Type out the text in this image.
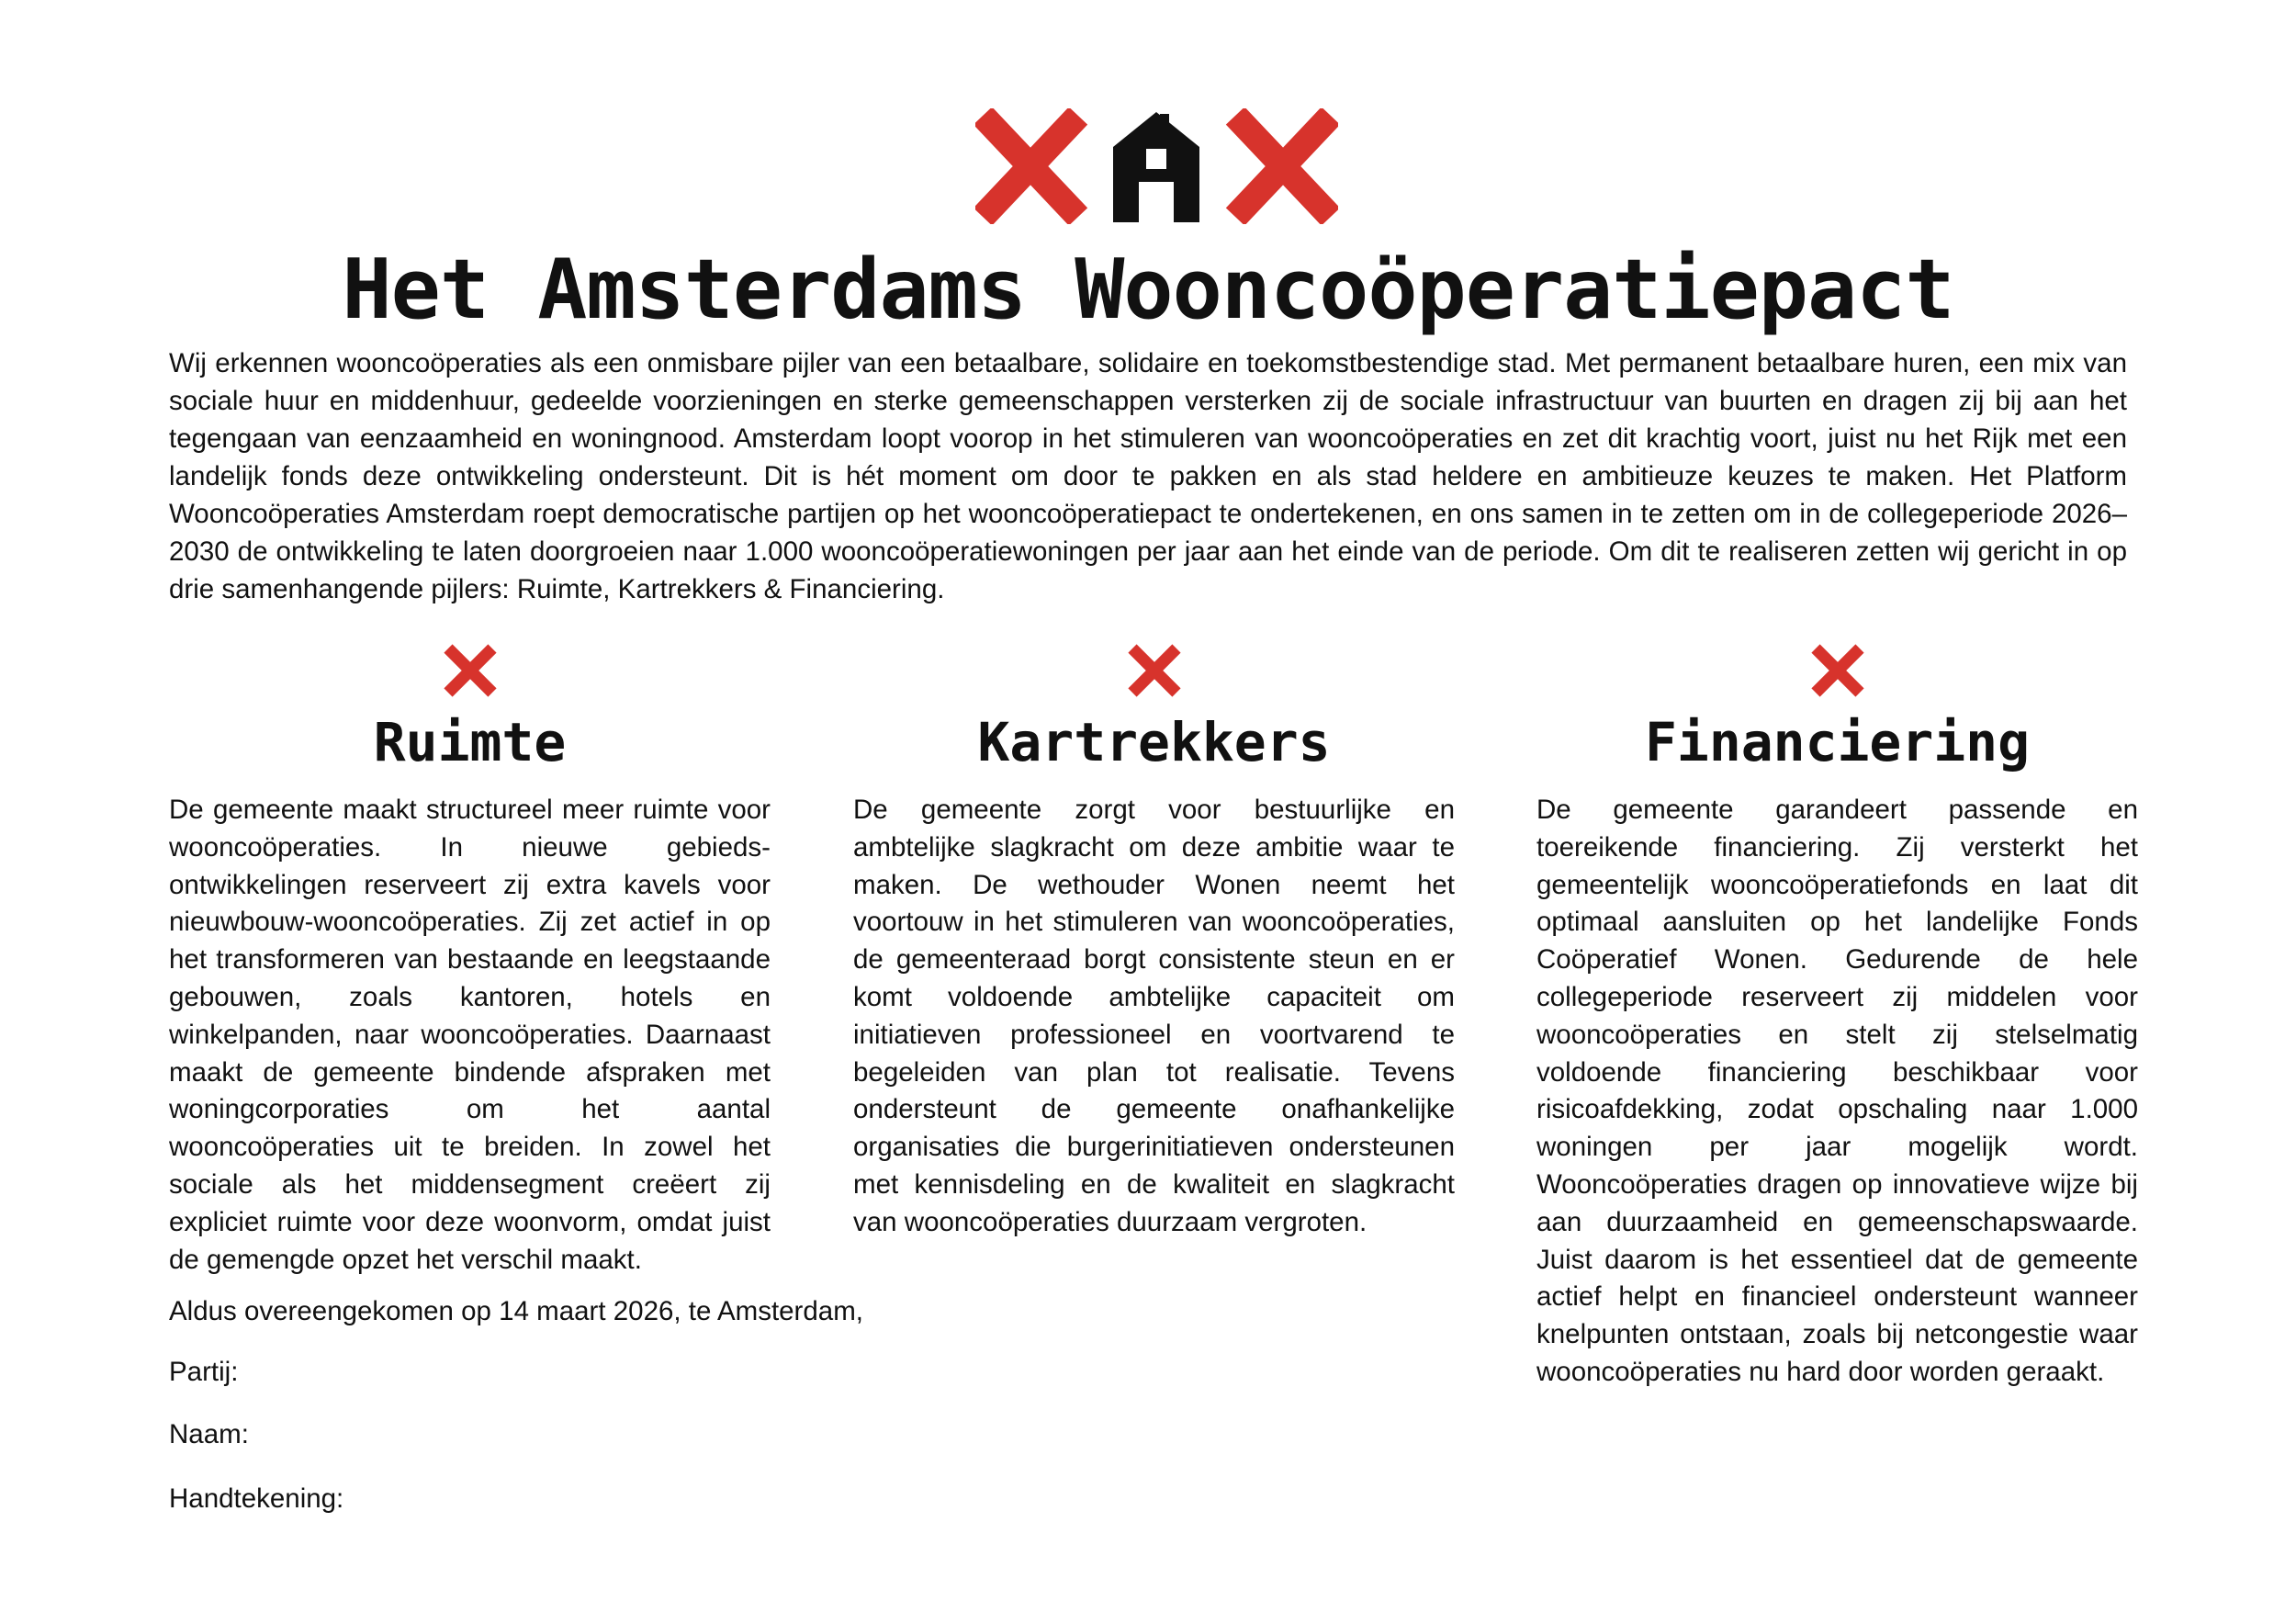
Het Amsterdams Wooncoöperatiepact

Wij erkennen wooncoöperaties als een onmisbare pijler van een betaalbare, solidaire en toekomstbestendige stad. Met permanent betaalbare huren, een mix van sociale huur en middenhuur, gedeelde voorzieningen en sterke gemeenschappen versterken zij de sociale infrastructuur van buurten en dragen zij bij aan het tegengaan van eenzaamheid en woningnood. Amsterdam loopt voorop in het stimuleren van wooncoöperaties en zet dit krachtig voort, juist nu het Rijk met een landelijk fonds deze ontwikkeling ondersteunt. Dit is hét moment om door te pakken en als stad heldere en ambitieuze keuzes te maken. Het Platform Wooncoöperaties Amsterdam roept democratische partijen op het wooncoöperatiepact te ondertekenen, en ons samen in te zetten om in de collegeperiode 2026–2030 de ontwikkeling te laten doorgroeien naar 1.000 wooncoöperatiewoningen per jaar aan het einde van de periode. Om dit te realiseren zetten wij gericht in op drie samenhangende pijlers: Ruimte, Kartrekkers & Financiering.

Ruimte

De gemeente maakt structureel meer ruimte voor wooncoöperaties. In nieuwe gebiedsontwikkelingen reserveert zij extra kavels voor nieuwbouw-wooncoöperaties. Zij zet actief in op het transformeren van bestaande en leegstaande gebouwen, zoals kantoren, hotels en winkelpanden, naar wooncoöperaties. Daarnaast maakt de gemeente bindende afspraken met woningcorporaties om het aantal wooncoöperaties uit te breiden. In zowel het sociale als het middensegment creëert zij expliciet ruimte voor deze woonvorm, omdat juist de gemengde opzet het verschil maakt.

Kartrekkers

De gemeente zorgt voor bestuurlijke en ambtelijke slagkracht om deze ambitie waar te maken. De wethouder Wonen neemt het voortouw in het stimuleren van wooncoöperaties, de gemeenteraad borgt consistente steun en er komt voldoende ambtelijke capaciteit om initiatieven professioneel en voortvarend te begeleiden van plan tot realisatie. Tevens ondersteunt de gemeente onafhankelijke organisaties die burgerinitiatieven ondersteunen met kennisdeling en de kwaliteit en slagkracht van wooncoöperaties duurzaam vergroten.

Financiering

De gemeente garandeert passende en toereikende financiering. Zij versterkt het gemeentelijk wooncoöperatiefonds en laat dit optimaal aansluiten op het landelijke Fonds Coöperatief Wonen. Gedurende de hele collegeperiode reserveert zij middelen voor wooncoöperaties en stelt zij stelselmatig voldoende financiering beschikbaar voor risicoafdekking, zodat opschaling naar 1.000 woningen per jaar mogelijk wordt. Wooncoöperaties dragen op innovatieve wijze bij aan duurzaamheid en gemeenschapswaarde. Juist daarom is het essentieel dat de gemeente actief helpt en financieel ondersteunt wanneer knelpunten ontstaan, zoals bij netcongestie waar wooncoöperaties nu hard door worden geraakt.

Aldus overeengekomen op 14 maart 2026, te Amsterdam,

Partij:

Naam:

Handtekening:
